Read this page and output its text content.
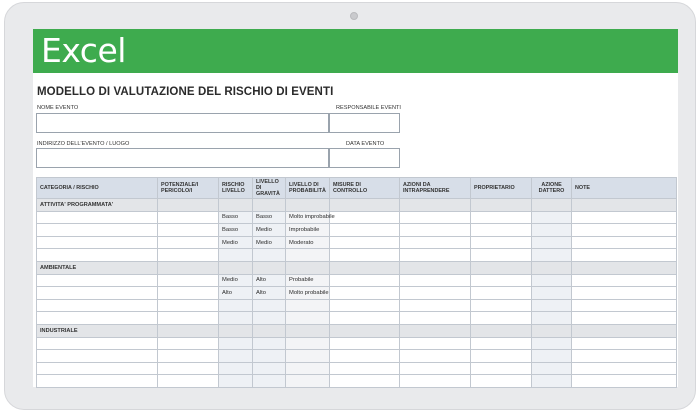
Excel
MODELLO DI VALUTAZIONE DEL RISCHIO DI EVENTI
NOME EVENTO	RESPONSABILE EVENTI
INDIRIZZO DELL'EVENTO / LUOGO	DATA EVENTO
CATEGORIA / RISCHIO	POTENZIALE/I PERICOLO/I	RISCHIO LIVELLO	LIVELLO DI GRAVITÀ	LIVELLO DI PROBABILITÀ	MISURE DI CONTROLLO	AZIONI DA INTRAPRENDERE	PROPRIETARIO	AZIONE DATTERO	NOTE
ATTIVITA' PROGRAMMATA'									
		Basso	Basso	Molto improbabile					
		Basso	Medio	Improbabile					
		Medio	Medio	Moderato					

AMBIENTALE									
		Medio	Alto	Probabile					
		Alto	Alto	Molto probabile					

INDUSTRIALE									
